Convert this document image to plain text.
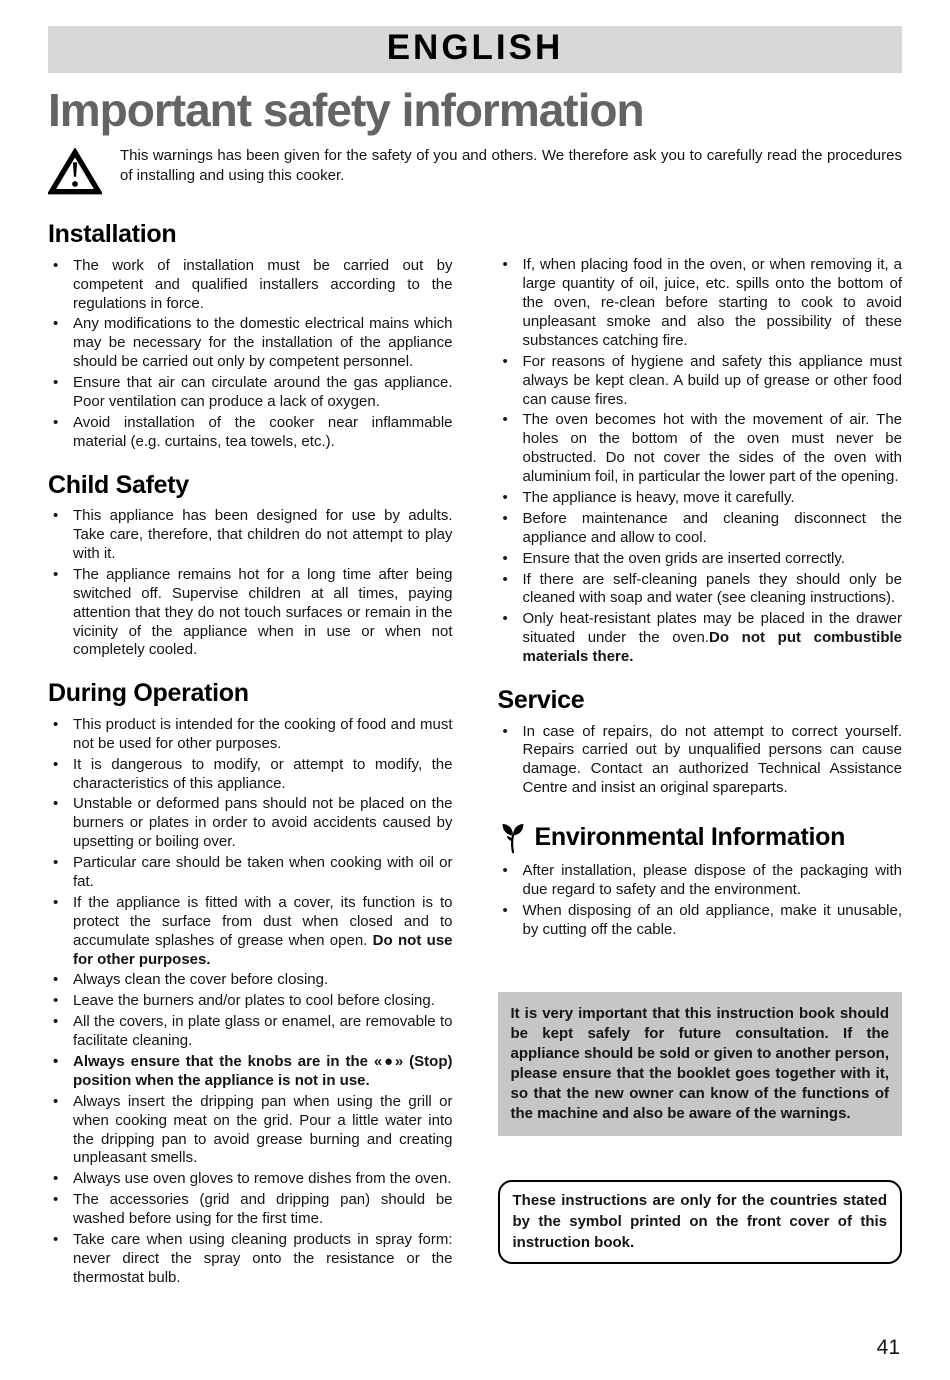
ENGLISH
Important safety information

This warnings has been given for the safety of you and others. We therefore ask you to carefully read the procedures of installing and using this cooker.

Installation
• The work of installation must be carried out by competent and qualified installers according to the regulations in force.
• Any modifications to the domestic electrical mains which may be necessary for the installation of the appliance should be carried out only by competent personnel.
• Ensure that air can circulate around the gas appliance. Poor ventilation can produce a lack of oxygen.
• Avoid installation of the cooker near inflammable material (e.g. curtains, tea towels, etc.).
Child Safety
• This appliance has been designed for use by adults. Take care, therefore, that children do not attempt to play with it.
• The appliance remains hot for a long time after being switched off. Supervise children at all times, paying attention that they do not touch surfaces or remain in the vicinity of the appliance when in use or when not completely cooled.
During Operation
• This product is intended for the cooking of food and must not be used for other purposes.
• It is dangerous to modify, or attempt to modify, the characteristics of this appliance.
• Unstable or deformed pans should not be placed on the burners or plates in order to avoid accidents caused by upsetting or boiling over.
• Particular care should be taken when cooking with oil or fat.
• If the appliance is fitted with a cover, its function is to protect the surface from dust when closed and to accumulate splashes of grease when open. Do not use for other purposes.
• Always clean the cover before closing.
• Leave the burners and/or plates to cool before closing.
• All the covers, in plate glass or enamel, are removable to facilitate cleaning.
• Always ensure that the knobs are in the «●» (Stop) position when the appliance is not in use.
• Always insert the dripping pan when using the grill or when cooking meat on the grid. Pour a little water into the dripping pan to avoid grease burning and creating unpleasant smells.
• Always use oven gloves to remove dishes from the oven.
• The accessories (grid and dripping pan) should be washed before using for the first time.
• Take care when using cleaning products in spray form: never direct the spray onto the resistance or the thermostat bulb.
• If, when placing food in the oven, or when removing it, a large quantity of oil, juice, etc. spills onto the bottom of the oven, re-clean before starting to cook to avoid unpleasant smoke and also the possibility of these substances catching fire.
• For reasons of hygiene and safety this appliance must always be kept clean. A build up of grease or other food can cause fires.
• The oven becomes hot with the movement of air. The holes on the bottom of the oven must never be obstructed. Do not cover the sides of the oven with aluminium foil, in particular the lower part of the opening.
• The appliance is heavy, move it carefully.
• Before maintenance and cleaning disconnect the appliance and allow to cool.
• Ensure that the oven grids are inserted correctly.
• If there are self-cleaning panels they should only be cleaned with soap and water (see cleaning instructions).
• Only heat-resistant plates may be placed in the drawer situated under the oven.Do not put combustible materials there.
Service
• In case of repairs, do not attempt to correct yourself. Repairs carried out by unqualified persons can cause damage. Contact an authorized Technical Assistance Centre and insist an original spareparts.
Environmental Information
• After installation, please dispose of the packaging with due regard to safety and the environment.
• When disposing of an old appliance, make it unusable, by cutting off the cable.
It is very important that this instruction book should be kept safely for future consultation. If the appliance should be sold or given to another person, please ensure that the booklet goes together with it, so that the new owner can know of the functions of the machine and also be aware of the warnings.
These instructions are only for the countries stated by the symbol printed on the front cover of this instruction book.
41
